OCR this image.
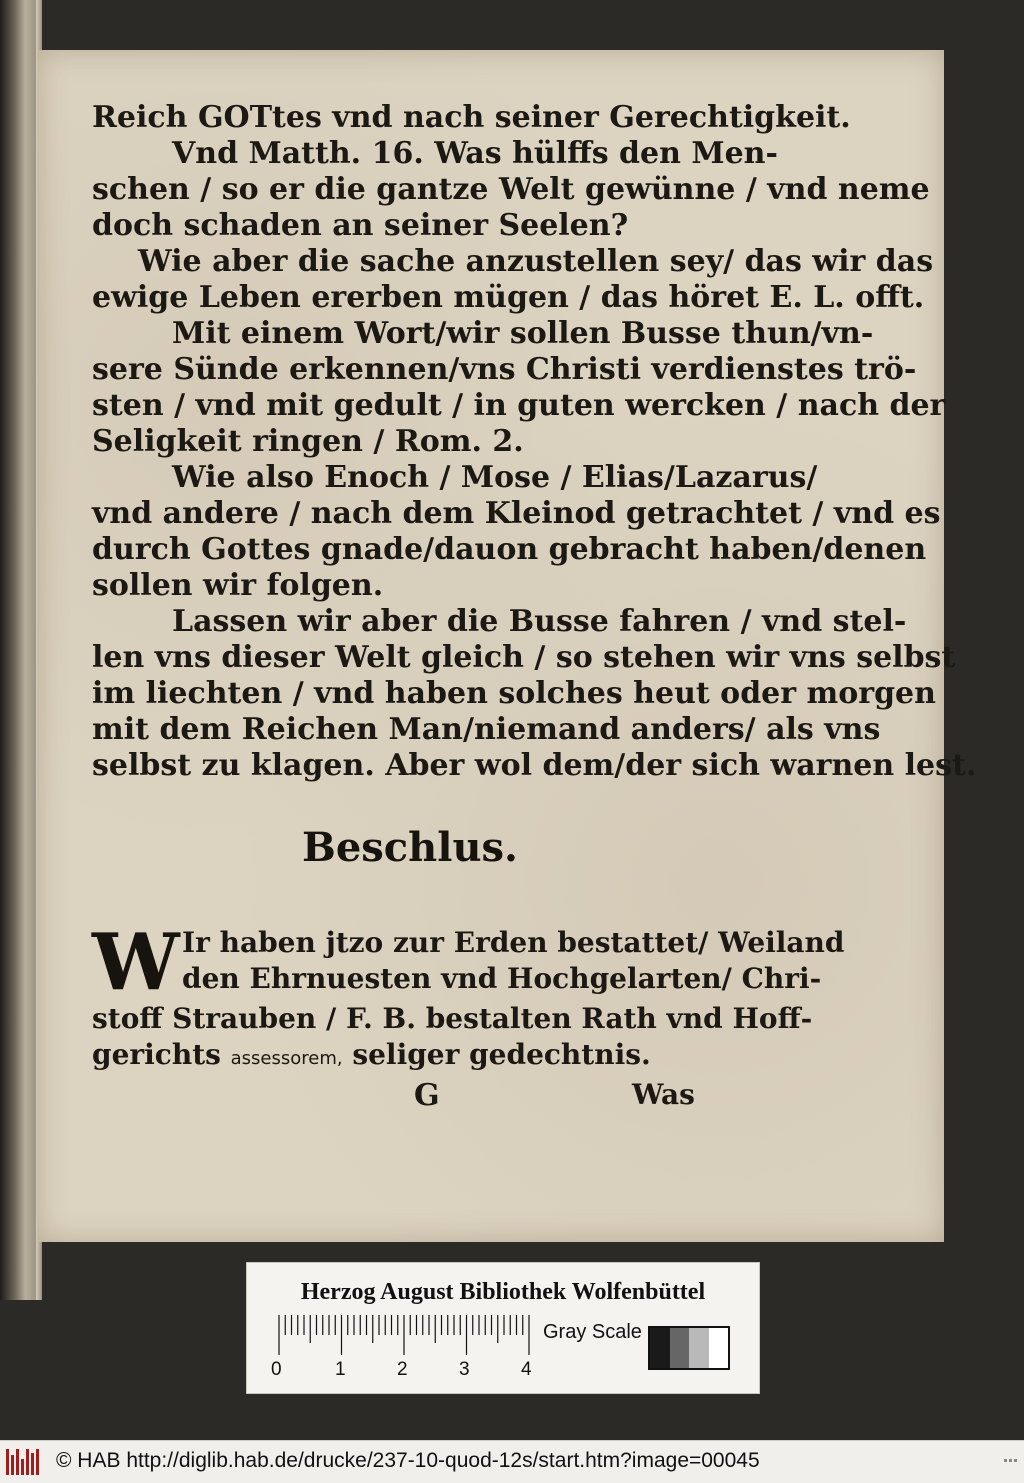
Reich GOTtes vnd nach seiner Gerechtigkeit.
Vnd Matth. 16. Was hülffs den Men-
schen / so er die gantze Welt gewünne / vnd neme
doch schaden an seiner Seelen?
Wie aber die sache anzustellen sey/ das wir das
ewige Leben ererben mügen / das höret E. L. offt.
Mit einem Wort/wir sollen Busse thun/vn-
sere Sünde erkennen/vns Christi verdienstes trö-
sten / vnd mit gedult / in guten wercken / nach der
Seligkeit ringen / Rom. 2.
Wie also Enoch / Mose / Elias/Lazarus/
vnd andere / nach dem Kleinod getrachtet / vnd es
durch Gottes gnade/dauon gebracht haben/denen
sollen wir folgen.
Lassen wir aber die Busse fahren / vnd stel-
len vns dieser Welt gleich / so stehen wir vns selbst
im liechten / vnd haben solches heut oder morgen
mit dem Reichen Man/niemand anders/ als vns
selbst zu klagen. Aber wol dem/der sich warnen lest.
Beschlus.
W Ir haben jtzo zur Erden bestattet/ Weiland
den Ehrnuesten vnd Hochgelarten/ Chri-
stoff Strauben / F. B. bestalten Rath vnd Hoff-
gerichts assessorem, seliger gedechtnis.
G	Was
Herzog August Bibliothek Wolfenbüttel
0	1	2	3	4
Gray Scale
© HAB http://diglib.hab.de/drucke/237-10-quod-12s/start.htm?image=00045
